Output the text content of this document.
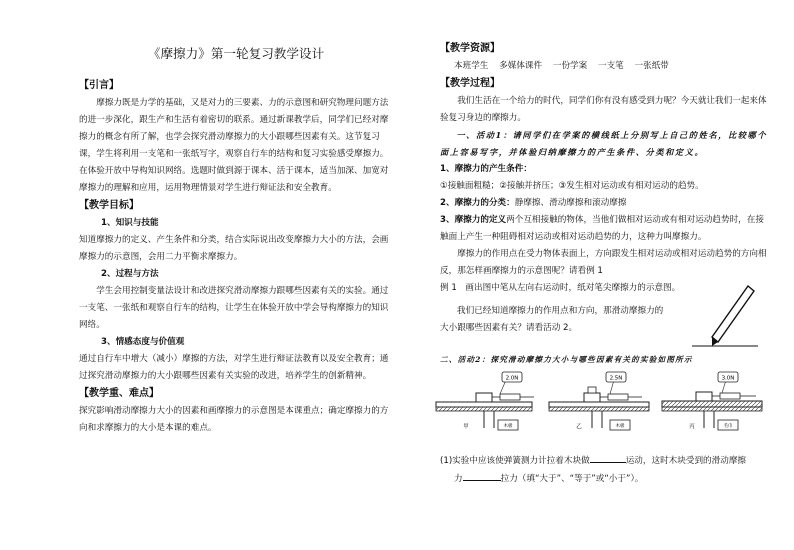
《摩擦力》第一轮复习教学设计
【引言】

摩擦力既是力学的基础，又是对力的三要素、力的示意图和研究物理问题方法的进一步深化，跟生产和生活有着密切的联系。通过新课教学后，同学们已经对摩擦力的概念有所了解，也学会探究滑动摩擦力的大小跟哪些因素有关。这节复习课，学生将利用一支笔和一张纸写字，观察自行车的结构和复习实验感受摩擦力。在体验开放中导构知识网络。选题时做到源于课本、活于课本，适当加深、加宽对摩擦力的理解和应用，运用物理情景对学生进行辩证法和安全教育。

【教学目标】
1、知识与技能

知道摩擦力的定义、产生条件和分类，结合实际说出改变摩擦力大小的方法，会画摩擦力的示意图，会用二力平衡求摩擦力。

2、过程与方法

学生会用控制变量法设计和改进探究滑动摩擦力跟哪些因素有关的实验。通过一支笔、一张纸和观察自行车的结构，让学生在体验开放中学会导构摩擦力的知识网络。

3、情感态度与价值观

通过自行车中增大（减小）摩擦的方法，对学生进行辩证法教育以及安全教育；通过探究滑动摩擦力的大小跟哪些因素有关实验的改进，培养学生的创新精神。

【教学重、难点】

探究影响滑动摩擦力大小的因素和画摩擦力的示意图是本课重点；确定摩擦力的方向和求摩擦力的大小是本课的难点。

【教学资源】
本班学生 多媒体课件 一份学案 一支笔 一张纸带
【教学过程】

我们生活在一个给力的时代，同学们你有没有感受到力呢？今天就让我们一起来体验复习身边的摩擦力。

一、活动1：请同学们在学案的横线纸上分别写上自己的姓名，比较哪个面上容易写字，并体验归纳摩擦力的产生条件、分类和定义。

1、摩擦力的产生条件：
①接触面粗糙；②接触并挤压；③发生相对运动或有相对运动的趋势。
2、摩擦力的分类：静摩擦、滑动摩擦和滚动摩擦

3、摩擦力的定义两个互相接触的物体，当他们做相对运动或有相对运动趋势时，在接触面上产生一种阻碍相对运动或相对运动趋势的力，这种力叫摩擦力。

摩擦力的作用点在受力物体表面上，方向跟发生相对运动或相对运动趋势的方向相反，那怎样画摩擦力的示意图呢？请看例 1

例 1　画出图中笔从左向右运动时，纸对笔尖摩擦力的示意图。
我们已经知道摩擦力的作用点和方向，那滑动摩擦力的
大小跟哪些因素有关？请看活动 2。
二、活动2：探究滑动摩擦力大小与哪些因素有关的实验如图所示
2.0N
木板
甲
2.5N
木板
乙
3.0N
毛巾
丙
(1)实验中应该使弹簧测力计拉着木块做	运动，这时木块受到的滑动摩擦
力	拉力（填“大于”、“等于”或“小于”）。
